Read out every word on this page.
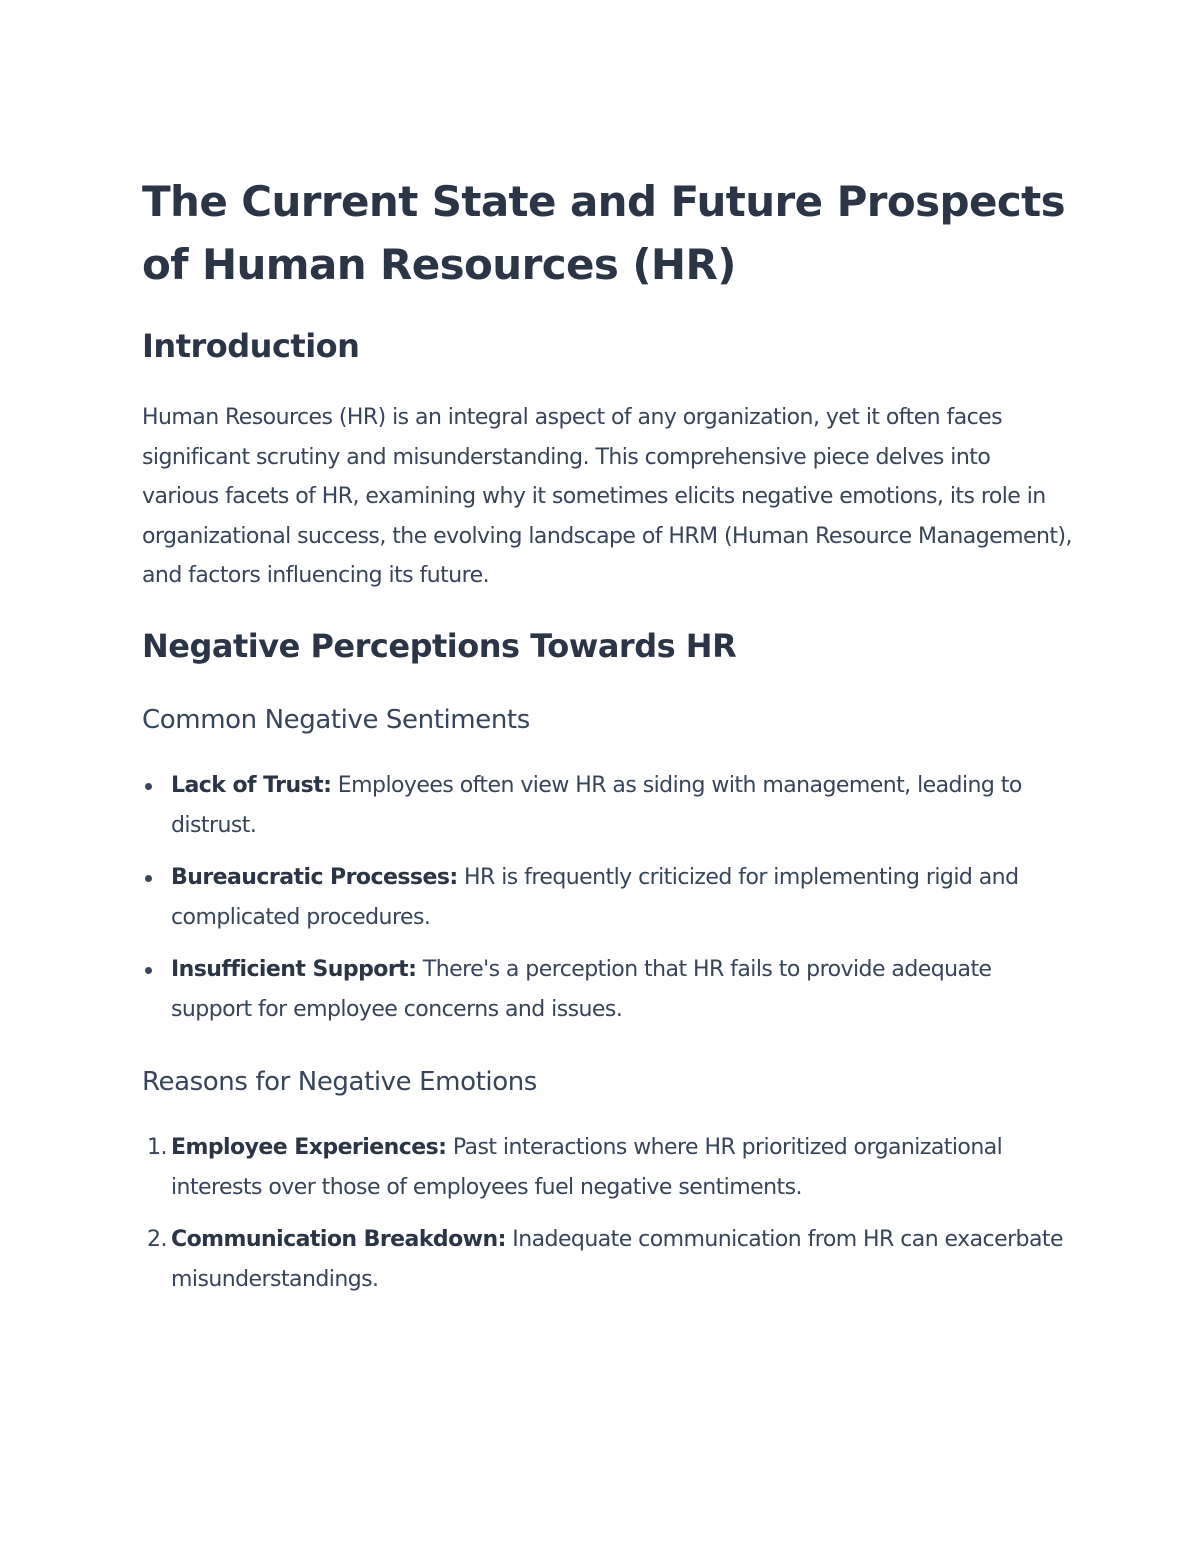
The Current State and Future Prospects of Human Resources (HR)
Introduction

Human Resources (HR) is an integral aspect of any organization, yet it often faces significant scrutiny and misunderstanding. This comprehensive piece delves into various facets of HR, examining why it sometimes elicits negative emotions, its role in organizational success, the evolving landscape of HRM (Human Resource Management), and factors influencing its future.

Negative Perceptions Towards HR
Common Negative Sentiments
Lack of Trust: Employees often view HR as siding with management, leading to distrust.
Bureaucratic Processes: HR is frequently criticized for implementing rigid and complicated procedures.
Insufficient Support: There's a perception that HR fails to provide adequate support for employee concerns and issues.
Reasons for Negative Emotions
1. Employee Experiences: Past interactions where HR prioritized organizational interests over those of employees fuel negative sentiments.
2. Communication Breakdown: Inadequate communication from HR can exacerbate misunderstandings.
